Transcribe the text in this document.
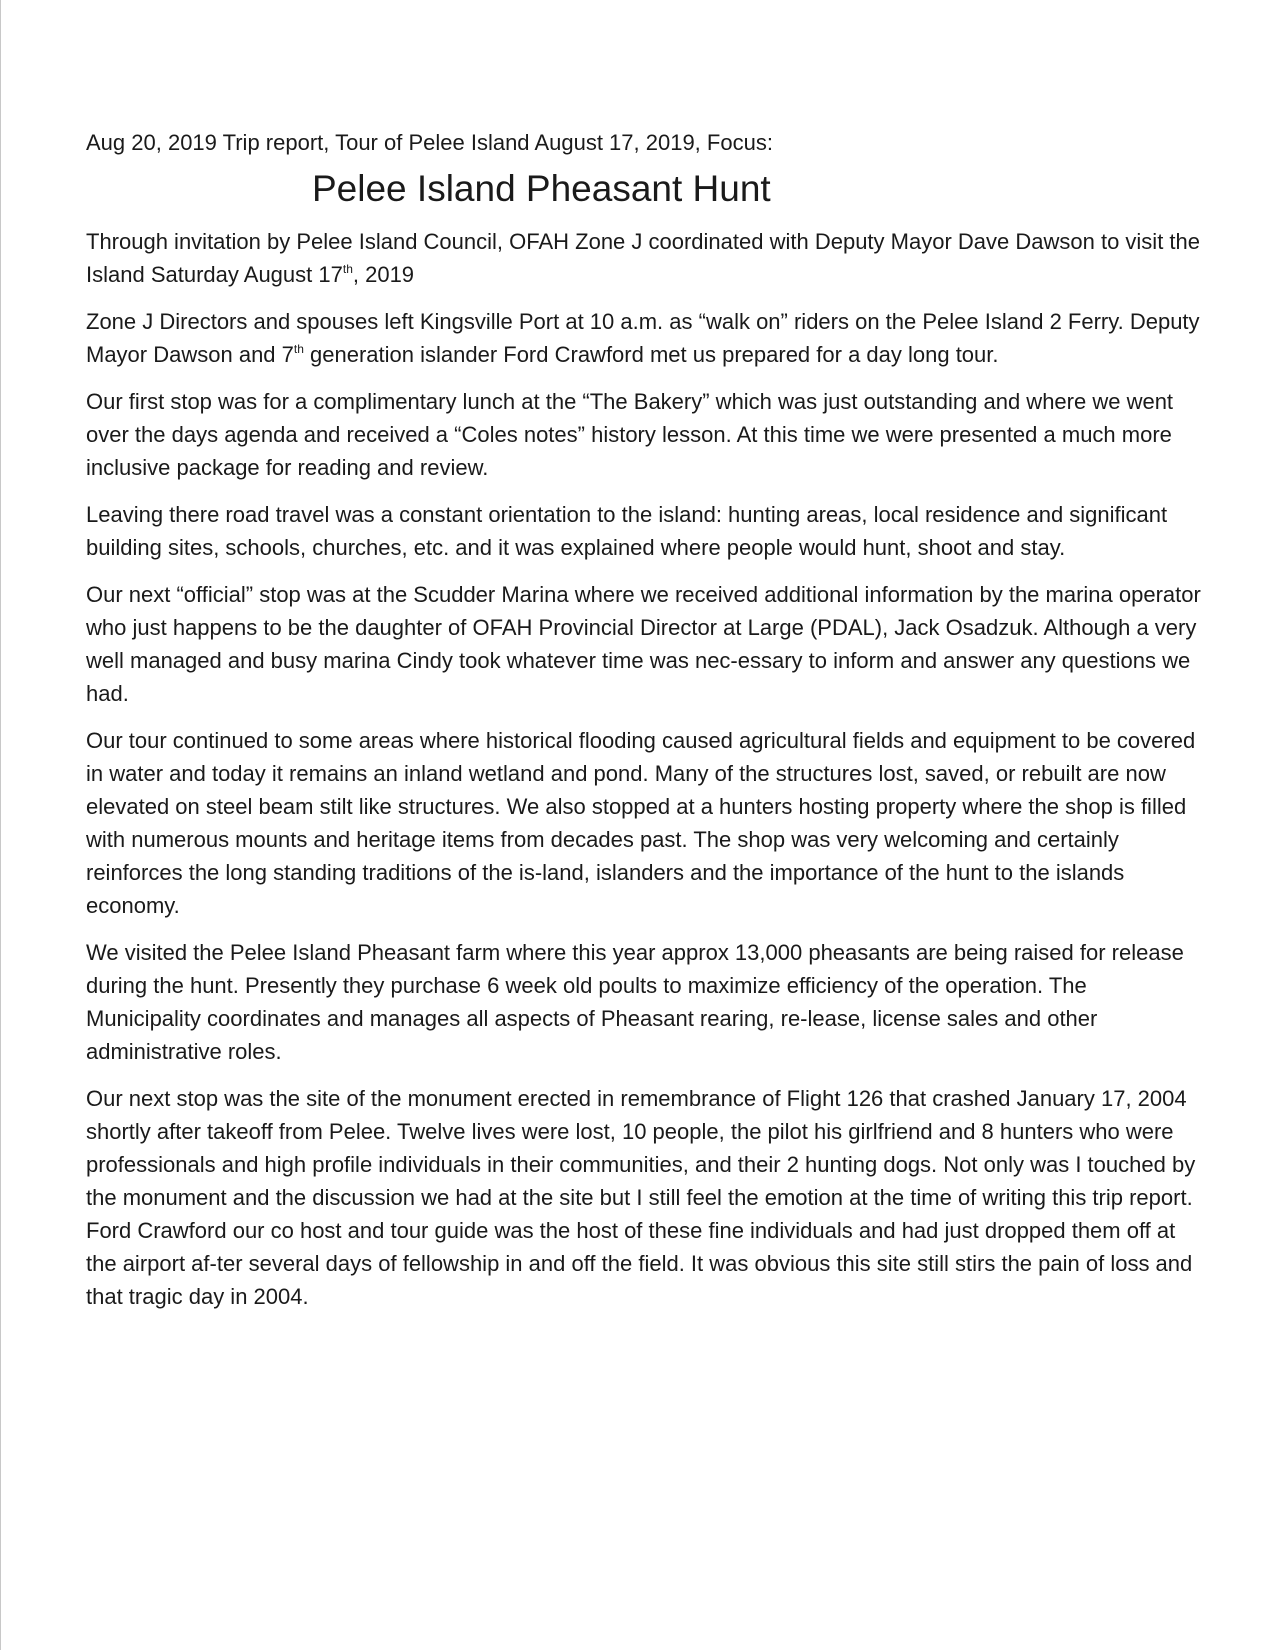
Aug 20, 2019 Trip report, Tour of Pelee Island August 17, 2019, Focus:
Pelee Island Pheasant Hunt

Through invitation by Pelee Island Council, OFAH Zone J coordinated with Deputy Mayor Dave Dawson to visit the Island Saturday August 17th, 2019

Zone J Directors and spouses left Kingsville Port at 10 a.m. as “walk on” riders on the Pelee Island 2 Ferry. Deputy Mayor Dawson and 7th generation islander Ford Crawford met us prepared for a day long tour.

Our first stop was for a complimentary lunch at the “The Bakery” which was just outstanding and where we went over the days agenda and received a “Coles notes” history lesson. At this time we were presented a much more inclusive package for reading and review.

Leaving there road travel was a constant orientation to the island: hunting areas, local residence and significant building sites, schools, churches, etc. and it was explained where people would hunt, shoot and stay.

Our next “official” stop was at the Scudder Marina where we received additional information by the marina operator who just happens to be the daughter of OFAH Provincial Director at Large (PDAL), Jack Osadzuk. Although a very well managed and busy marina Cindy took whatever time was nec-essary to inform and answer any questions we had.

Our tour continued to some areas where historical flooding caused agricultural fields and equipment to be covered in water and today it remains an inland wetland and pond. Many of the structures lost, saved, or rebuilt are now elevated on steel beam stilt like structures. We also stopped at a hunters hosting property where the shop is filled with numerous mounts and heritage items from decades past. The shop was very welcoming and certainly reinforces the long standing traditions of the is-land, islanders and the importance of the hunt to the islands economy.

We visited the Pelee Island Pheasant farm where this year approx 13,000 pheasants are being raised for release during the hunt. Presently they purchase 6 week old poults to maximize efficiency of the operation. The Municipality coordinates and manages all aspects of Pheasant rearing, re-lease, license sales and other administrative roles.

Our next stop was the site of the monument erected in remembrance of Flight 126 that crashed January 17, 2004 shortly after takeoff from Pelee. Twelve lives were lost, 10 people, the pilot his girlfriend and 8 hunters who were professionals and high profile individuals in their communities, and their 2 hunting dogs. Not only was I touched by the monument and the discussion we had at the site but I still feel the emotion at the time of writing this trip report. Ford Crawford our co host and tour guide was the host of these fine individuals and had just dropped them off at the airport af-ter several days of fellowship in and off the field. It was obvious this site still stirs the pain of loss and that tragic day in 2004.
